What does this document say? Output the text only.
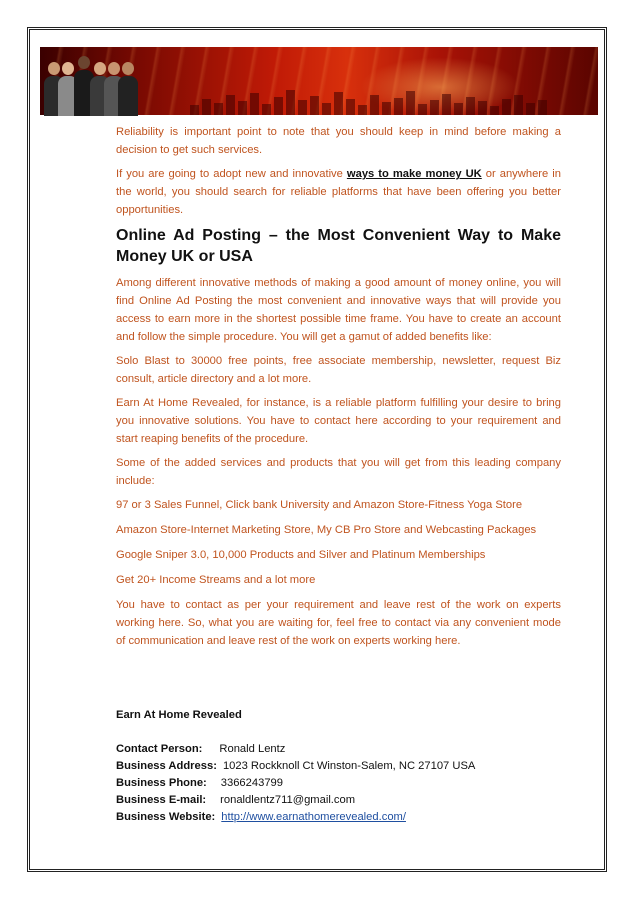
Reliability is important point to note that you should keep in mind before making a decision to get such services.

If you are going to adopt new and innovative ways to make money UK or anywhere in the world, you should search for reliable platforms that have been offering you better opportunities.

Online Ad Posting – the Most Convenient Way to Make Money UK or USA

Among different innovative methods of making a good amount of money online, you will find Online Ad Posting the most convenient and innovative ways that will provide you access to earn more in the shortest possible time frame. You have to create an account and follow the simple procedure. You will get a gamut of added benefits like:

Solo Blast to 30000 free points, free associate membership, newsletter, request Biz consult, article directory and a lot more.

Earn At Home Revealed, for instance, is a reliable platform fulfilling your desire to bring you innovative solutions. You have to contact here according to your requirement and start reaping benefits of the procedure.

Some of the added services and products that you will get from this leading company include:

97 or 3 Sales Funnel, Click bank University and Amazon Store-Fitness Yoga Store

Amazon Store-Internet Marketing Store, My CB Pro Store and Webcasting Packages

Google Sniper 3.0, 10,000 Products and Silver and Platinum Memberships

Get 20+ Income Streams and a lot more

You have to contact as per your requirement and leave rest of the work on experts working here. So, what you are waiting for, feel free to contact via any convenient mode of communication and leave rest of the work on experts working here.

Earn At Home Revealed
Contact Person: Ronald Lentz
Business Address: 1023 Rockknoll Ct Winston-Salem, NC 27107 USA
Business Phone: 3366243799
Business E-mail: ronaldlentz711@gmail.com
Business Website: http://www.earnathomerevealed.com/
